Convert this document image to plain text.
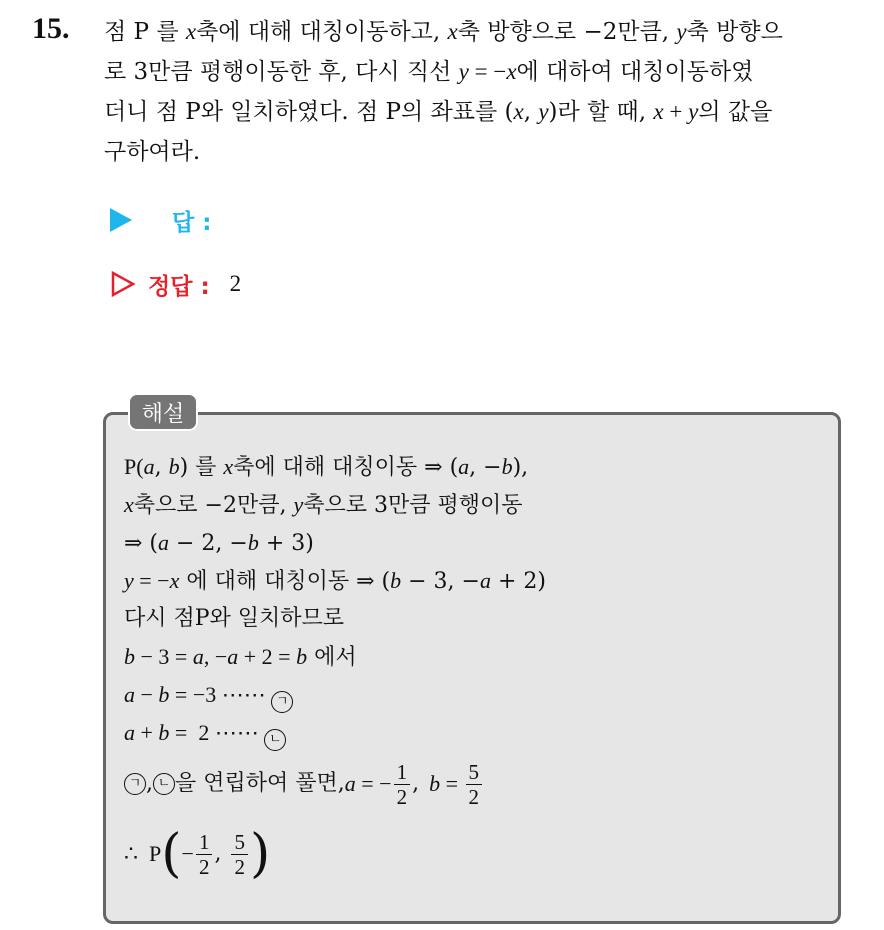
15. 점 P 를 x축에 대해 대칭이동하고, x축 방향으로 −2만큼, y축 방향으
로 3만큼 평행이동한 후, 다시 직선 y = −x에 대하여 대칭이동하였
더니 점 P와 일치하였다. 점 P의 좌표를 (x, y)라 할 때, x + y의 값을
구하여라.
답 :
정답 : 2
해설
P(a, b) 를 x축에 대해 대칭이동 ⇒ (a, −b),
x축으로 −2만큼, y축으로 3만큼 평행이동
⇒ (a − 2, −b + 3)
y = −x 에 대해 대칭이동 ⇒ (b − 3, −a + 2)
다시 점P와 일치하므로
b − 3 = a, −a + 2 = b 에서
a − b = −3 ⋯⋯ ㄱ
a + b =  2 ⋯⋯ ㄴ
ㄱ , ㄴ 을 연립하여 풀면, a = − $\frac{1}{2}$ , $b = \frac{5}{2}$
∴  P ( − $\frac{1}{2}$ , $\frac{5}{2}$ )
